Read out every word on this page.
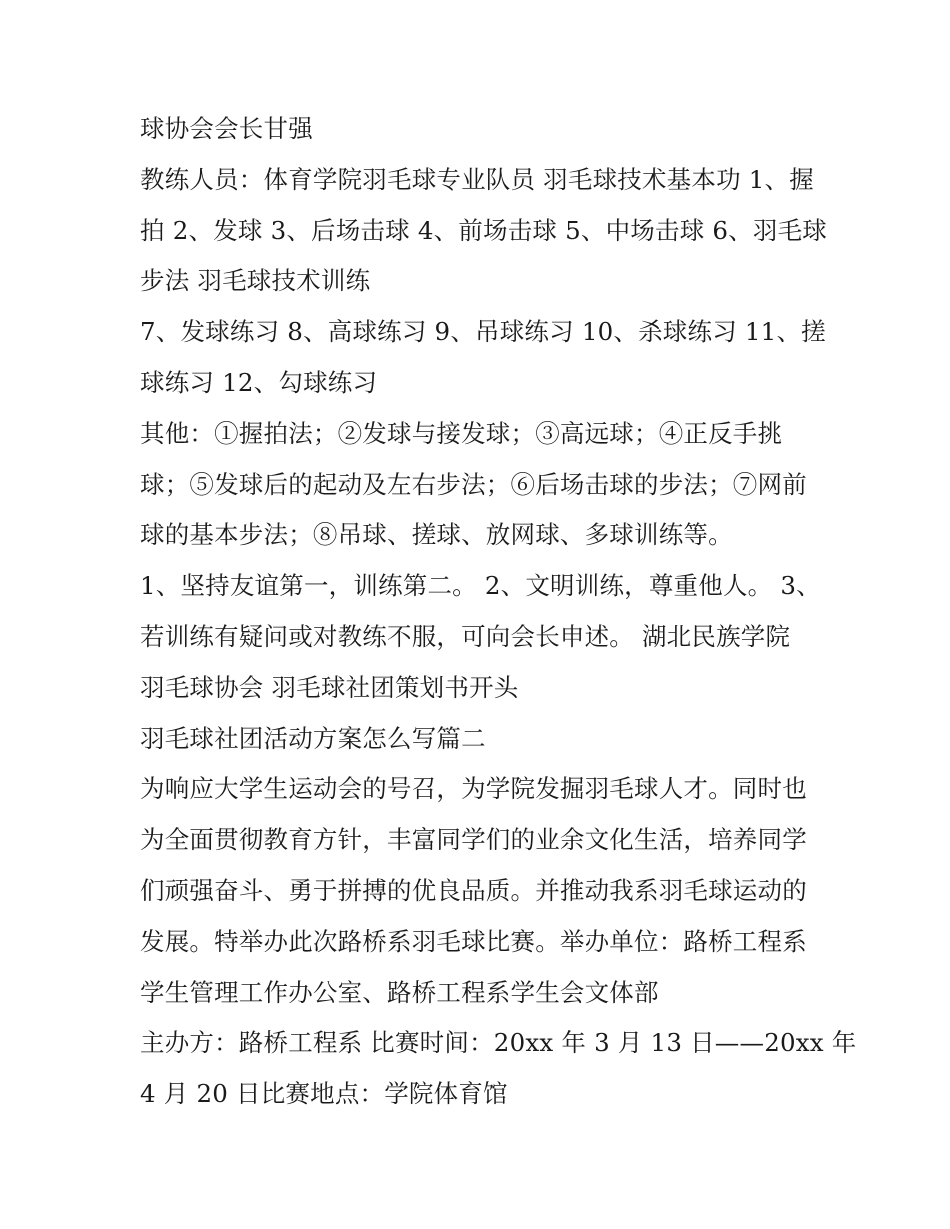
球协会会长甘强
教练人员：体育学院羽毛球专业队员 羽毛球技术基本功 1、握
拍 2、发球 3、后场击球 4、前场击球 5、中场击球 6、羽毛球
步法 羽毛球技术训练
7、发球练习 8、高球练习 9、吊球练习 10、杀球练习 11、搓
球练习 12、勾球练习
其他：①握拍法；②发球与接发球；③高远球；④正反手挑
球；⑤发球后的起动及左右步法；⑥后场击球的步法；⑦网前
球的基本步法；⑧吊球、搓球、放网球、多球训练等。
1、坚持友谊第一，训练第二。 2、文明训练，尊重他人。 3、
若训练有疑问或对教练不服，可向会长申述。 湖北民族学院
羽毛球协会 羽毛球社团策划书开头
羽毛球社团活动方案怎么写篇二
为响应大学生运动会的号召，为学院发掘羽毛球人才。同时也
为全面贯彻教育方针，丰富同学们的业余文化生活，培养同学
们顽强奋斗、勇于拼搏的优良品质。并推动我系羽毛球运动的
发展。特举办此次路桥系羽毛球比赛。举办单位：路桥工程系
学生管理工作办公室、路桥工程系学生会文体部
主办方：路桥工程系 比赛时间：20xx 年 3 月 13 日——20xx 年
4 月 20 日比赛地点：学院体育馆
